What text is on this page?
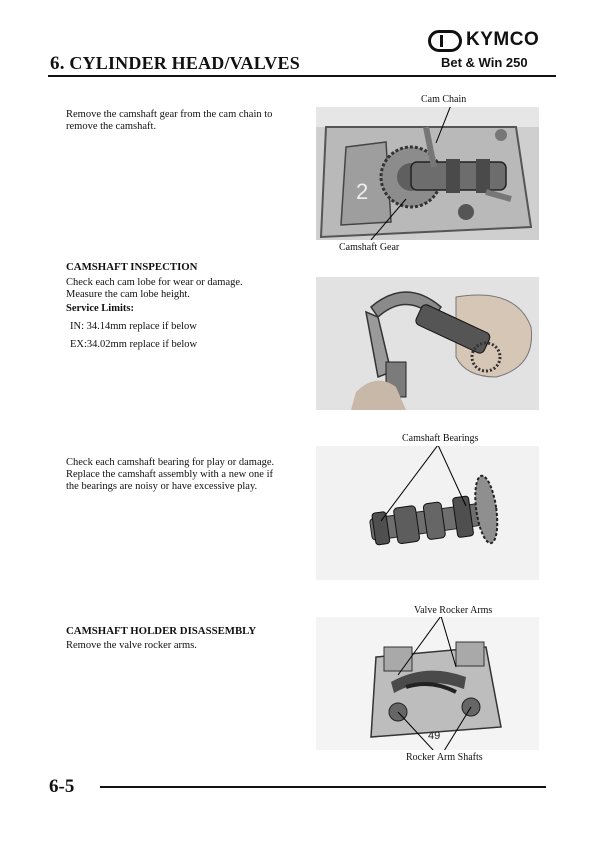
KYMCO
6. CYLINDER HEAD/VALVES	Bet & Win 250
Remove the camshaft gear from the cam chain to remove the camshaft.
Cam Chain
2
Camshaft Gear
CAMSHAFT INSPECTION
Check each cam lobe for wear or damage. Measure the cam lobe height.
Service Limits:
IN: 34.14mm replace if below
EX:34.02mm replace if below
Camshaft Bearings
Check each camshaft bearing for play or damage. Replace the camshaft assembly with a new one if the bearings are noisy or have excessive play.
Valve Rocker Arms
CAMSHAFT HOLDER DISASSEMBLY
Remove the valve rocker arms.
49
Rocker Arm Shafts
6-5
